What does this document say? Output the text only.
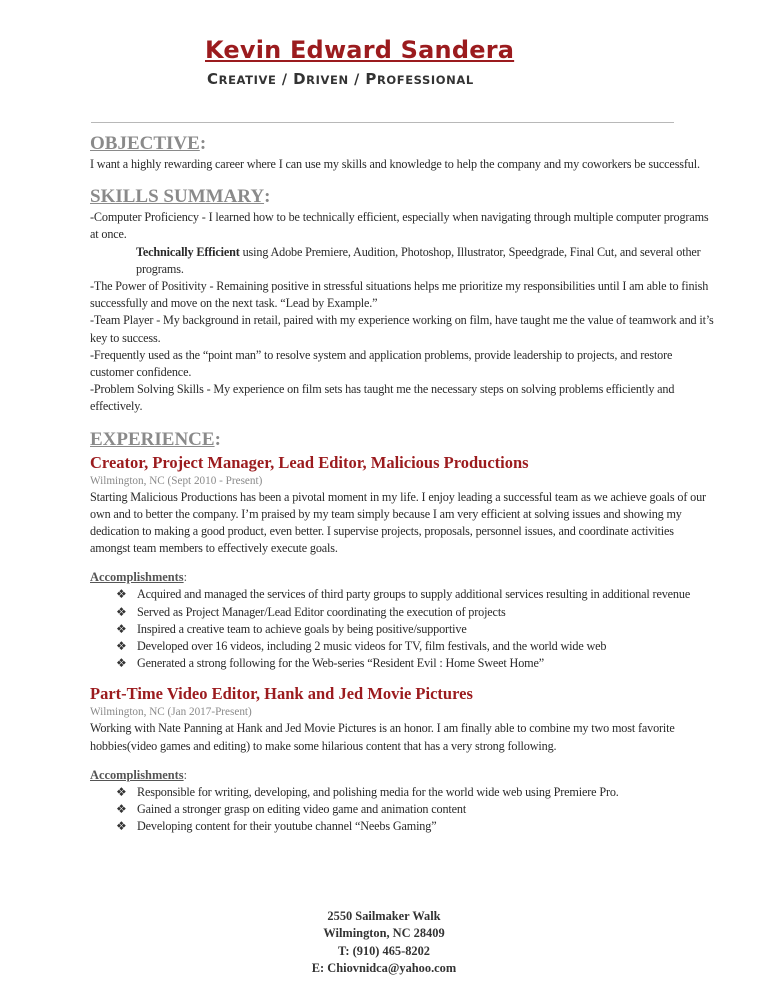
Kevin Edward Sandera
CREATIVE / DRIVEN / PROFESSIONAL
OBJECTIVE:

I want a highly rewarding career where I can use my skills and knowledge to help the company and my coworkers be successful.

SKILLS SUMMARY:

-Computer Proficiency - I learned how to be technically efficient, especially when navigating through multiple computer programs at once.

Technically Efficient using Adobe Premiere, Audition, Photoshop, Illustrator, Speedgrade, Final Cut, and several other programs.

-The Power of Positivity - Remaining positive in stressful situations helps me prioritize my responsibilities until I am able to finish successfully and move on the next task. “Lead by Example.”

-Team Player - My background in retail, paired with my experience working on film, have taught me the value of teamwork and it’s key to success.

-Frequently used as the “point man” to resolve system and application problems, provide leadership to projects, and restore customer confidence.

-Problem Solving Skills - My experience on film sets has taught me the necessary steps on solving problems efficiently and effectively.

EXPERIENCE:
Creator, Project Manager, Lead Editor, Malicious Productions
Wilmington, NC (Sept 2010 - Present)

Starting Malicious Productions has been a pivotal moment in my life. I enjoy leading a successful team as we achieve goals of our own and to better the company. I’m praised by my team simply because I am very efficient at solving issues and showing my dedication to making a good product, even better. I supervise projects, proposals, personnel issues, and coordinate activities amongst team members to effectively execute goals.

Accomplishments:
❖ Acquired and managed the services of third party groups to supply additional services resulting in additional revenue
❖ Served as Project Manager/Lead Editor coordinating the execution of projects
❖ Inspired a creative team to achieve goals by being positive/supportive
❖ Developed over 16 videos, including 2 music videos for TV, film festivals, and the world wide web
❖ Generated a strong following for the Web-series “Resident Evil : Home Sweet Home”
Part-Time Video Editor, Hank and Jed Movie Pictures
Wilmington, NC (Jan 2017-Present)

Working with Nate Panning at Hank and Jed Movie Pictures is an honor. I am finally able to combine my two most favorite hobbies(video games and editing) to make some hilarious content that has a very strong following.

Accomplishments:
❖ Responsible for writing, developing, and polishing media for the world wide web using Premiere Pro.
❖ Gained a stronger grasp on editing video game and animation content
❖ Developing content for their youtube channel “Neebs Gaming”
2550 Sailmaker Walk
Wilmington, NC 28409
T: (910) 465-8202
E: Chiovnidca@yahoo.com
